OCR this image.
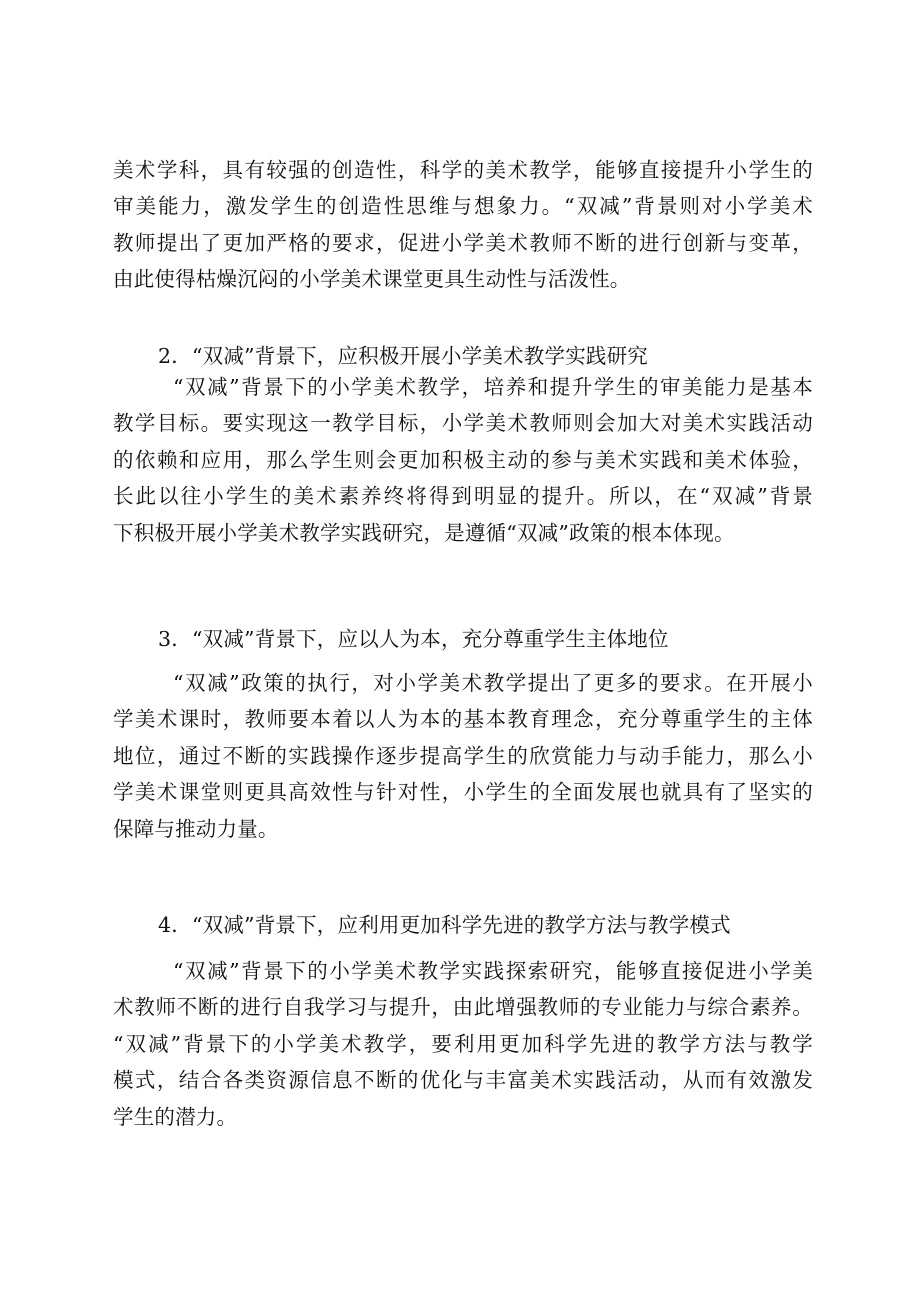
美术学科，具有较强的创造性，科学的美术教学，能够直接提升小学生的
审美能力，激发学生的创造性思维与想象力。“双减”背景则对小学美术
教师提出了更加严格的要求，促进小学美术教师不断的进行创新与变革，
由此使得枯燥沉闷的小学美术课堂更具生动性与活泼性。
2．“双减”背景下，应积极开展小学美术教学实践研究
“双减”背景下的小学美术教学，培养和提升学生的审美能力是基本
教学目标。要实现这一教学目标，小学美术教师则会加大对美术实践活动
的依赖和应用，那么学生则会更加积极主动的参与美术实践和美术体验，
长此以往小学生的美术素养终将得到明显的提升。所以，在“双减”背景
下积极开展小学美术教学实践研究，是遵循“双减”政策的根本体现。
3．“双减”背景下，应以人为本，充分尊重学生主体地位
“双减”政策的执行，对小学美术教学提出了更多的要求。在开展小
学美术课时，教师要本着以人为本的基本教育理念，充分尊重学生的主体
地位，通过不断的实践操作逐步提高学生的欣赏能力与动手能力，那么小
学美术课堂则更具高效性与针对性，小学生的全面发展也就具有了坚实的
保障与推动力量。
4．“双减”背景下，应利用更加科学先进的教学方法与教学模式
“双减”背景下的小学美术教学实践探索研究，能够直接促进小学美
术教师不断的进行自我学习与提升，由此增强教师的专业能力与综合素养。
“双减”背景下的小学美术教学，要利用更加科学先进的教学方法与教学
模式，结合各类资源信息不断的优化与丰富美术实践活动，从而有效激发
学生的潜力。
